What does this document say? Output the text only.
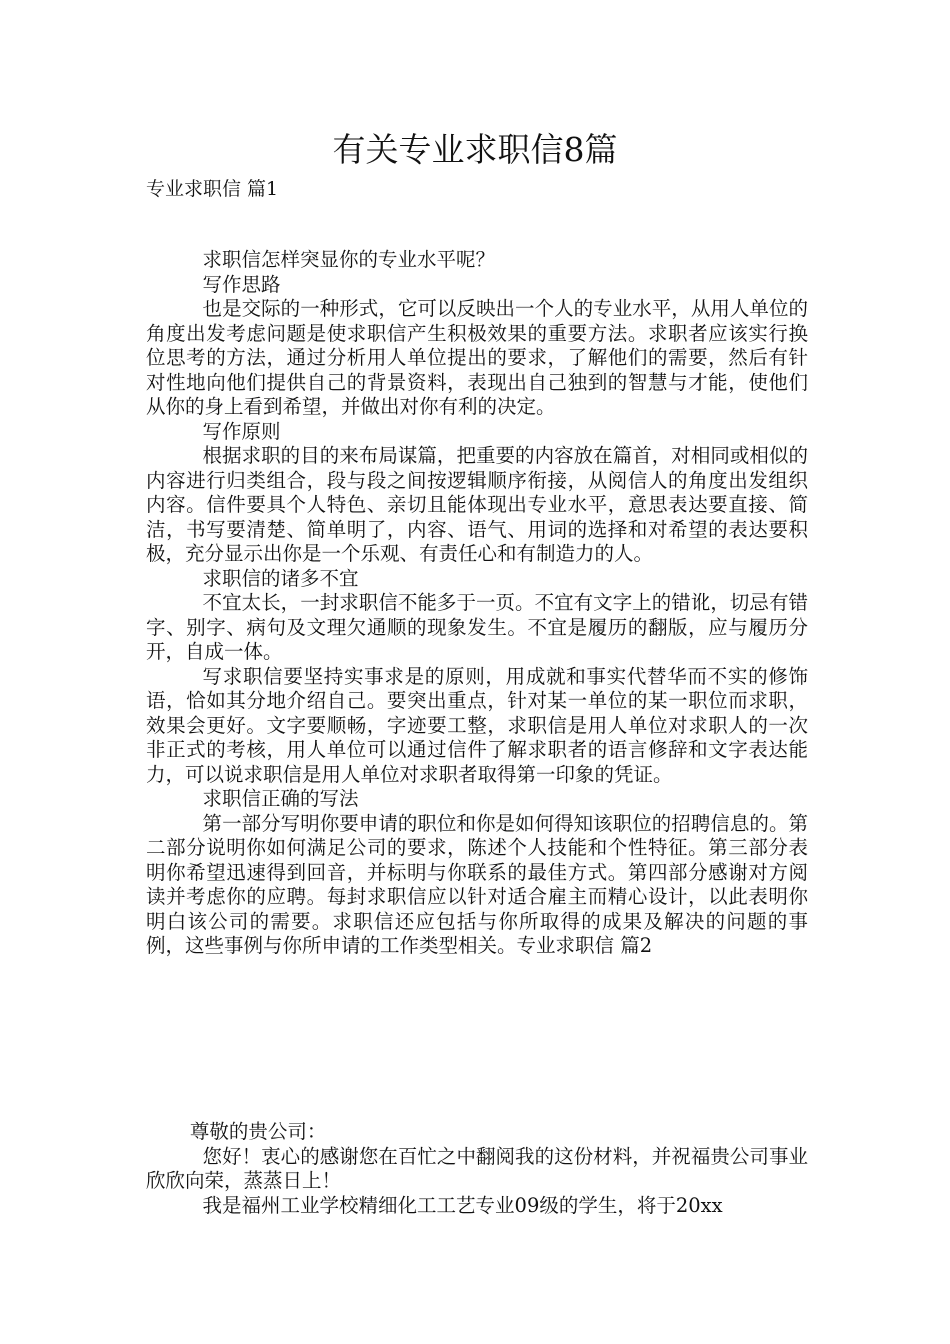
有关专业求职信8篇
专业求职信 篇1

求职信怎样突显你的专业水平呢？

写作思路

也是交际的一种形式，它可以反映出一个人的专业水平，从用人单位的角度出发考虑问题是使求职信产生积极效果的重要方法。求职者应该实行换位思考的方法，通过分析用人单位提出的要求，了解他们的需要，然后有针对性地向他们提供自己的背景资料，表现出自己独到的智慧与才能，使他们从你的身上看到希望，并做出对你有利的决定。

写作原则

根据求职的目的来布局谋篇，把重要的内容放在篇首，对相同或相似的内容进行归类组合，段与段之间按逻辑顺序衔接，从阅信人的角度出发组织内容。信件要具个人特色、亲切且能体现出专业水平，意思表达要直接、简洁，书写要清楚、简单明了，内容、语气、用词的选择和对希望的表达要积极，充分显示出你是一个乐观、有责任心和有制造力的人。

求职信的诸多不宜

不宜太长，一封求职信不能多于一页。不宜有文字上的错讹，切忌有错字、别字、病句及文理欠通顺的现象发生。不宜是履历的翻版，应与履历分开，自成一体。

写求职信要坚持实事求是的原则，用成就和事实代替华而不实的修饰语，恰如其分地介绍自己。要突出重点，针对某一单位的某一职位而求职，效果会更好。文字要顺畅，字迹要工整，求职信是用人单位对求职人的一次非正式的考核，用人单位可以通过信件了解求职者的语言修辞和文字表达能力，可以说求职信是用人单位对求职者取得第一印象的凭证。

求职信正确的写法

第一部分写明你要申请的职位和你是如何得知该职位的招聘信息的。第二部分说明你如何满足公司的要求，陈述个人技能和个性特征。第三部分表明你希望迅速得到回音，并标明与你联系的最佳方式。第四部分感谢对方阅读并考虑你的应聘。每封求职信应以针对适合雇主而精心设计，以此表明你明白该公司的需要。求职信还应包括与你所取得的成果及解决的问题的事例，这些事例与你所申请的工作类型相关。专业求职信 篇2

尊敬的贵公司：

您好！衷心的感谢您在百忙之中翻阅我的这份材料，并祝福贵公司事业欣欣向荣，蒸蒸日上！

我是福州工业学校精细化工工艺专业09级的学生，将于20xx
